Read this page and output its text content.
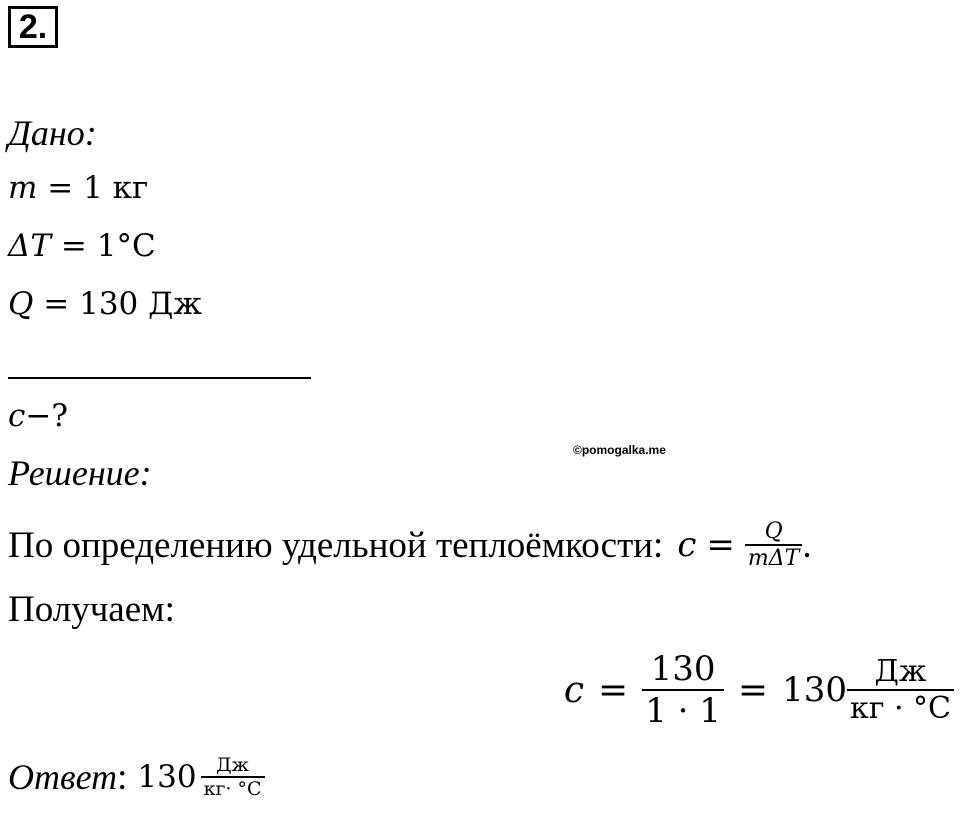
2.
Дано:
m = 1 кг
ΔT = 1°C
Q = 130 Дж
c−?
©pomogalka.me
Решение:
По определению удельной теплоёмкости: $c = \frac{Q}{\text{mΔT}}$ .
Получаем:
$c = \frac{130}{1 \cdot 1} = 130 \frac{Дж}{кг \cdot ^\circ C}$
Ответ : $130 \frac{Дж}{кг\cdot ^\circ C}$
